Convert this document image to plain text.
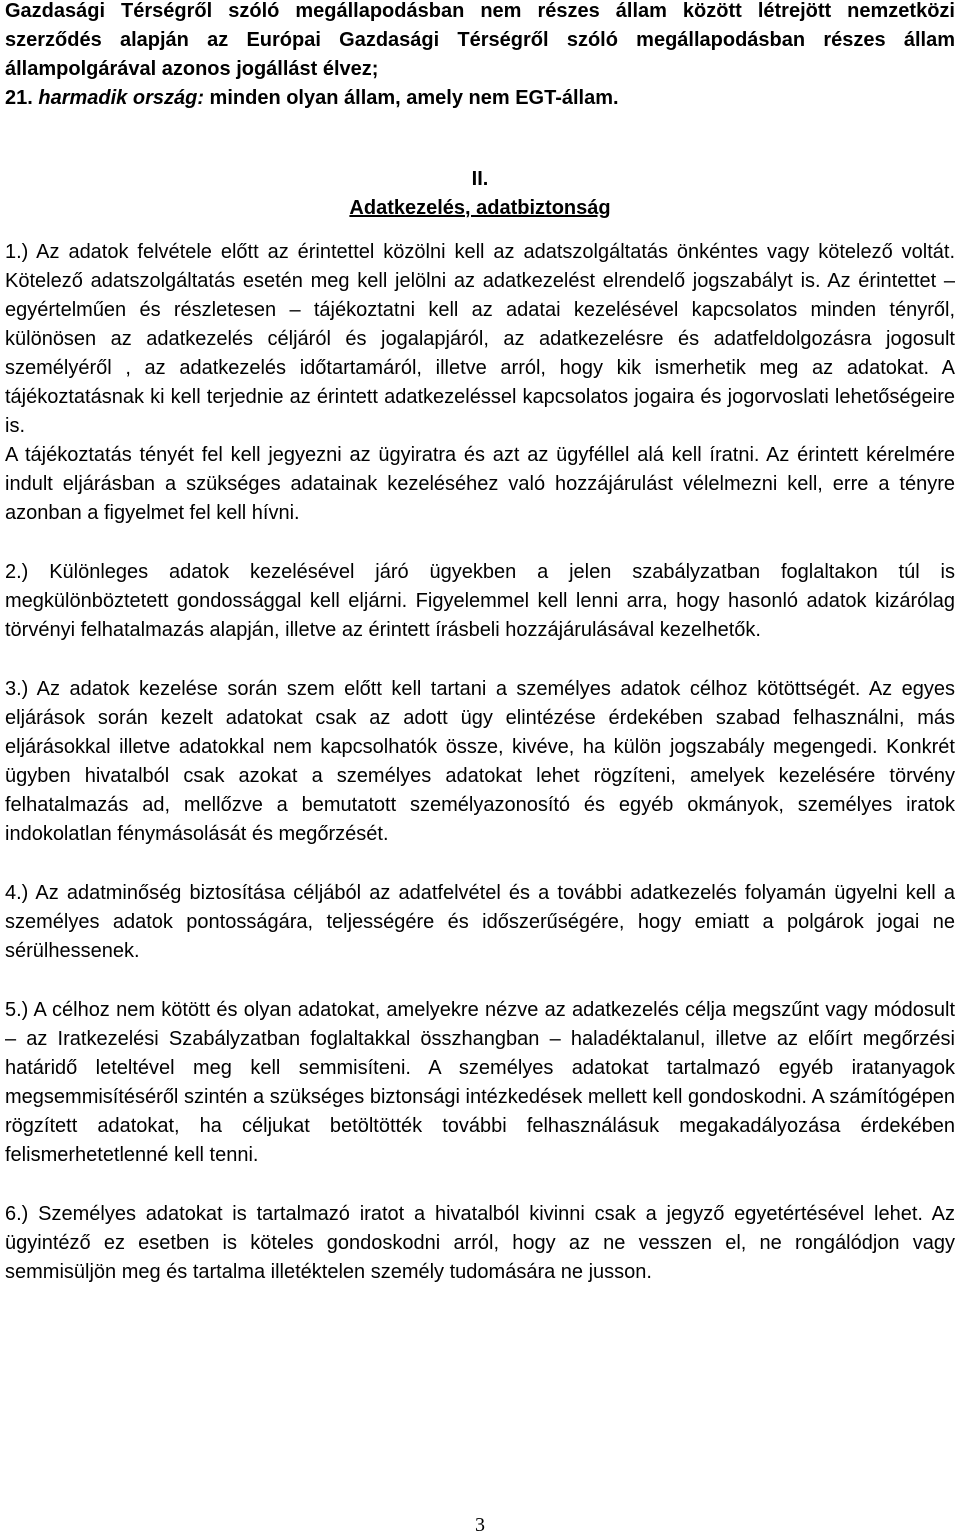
Gazdasági Térségről szóló megállapodásban nem részes állam között létrejött nemzetközi szerződés alapján az Európai Gazdasági Térségről szóló megállapodásban részes állam állampolgárával azonos jogállást élvez;
21. harmadik ország: minden olyan állam, amely nem EGT-állam.

II.

Adatkezelés, adatbiztonság

1.) Az adatok felvétele előtt az érintettel közölni kell az adatszolgáltatás önkéntes vagy kötelező voltát. Kötelező adatszolgáltatás esetén meg kell jelölni az adatkezelést elrendelő jogszabályt is. Az érintettet – egyértelműen és részletesen – tájékoztatni kell az adatai kezelésével kapcsolatos minden tényről, különösen az adatkezelés céljáról és jogalapjáról, az adatkezelésre és adatfeldolgozásra jogosult személyéről , az adatkezelés időtartamáról, illetve arról, hogy kik ismerhetik meg az adatokat. A tájékoztatásnak ki kell terjednie az érintett adatkezeléssel kapcsolatos jogaira és jogorvoslati lehetőségeire is.

A tájékoztatás tényét fel kell jegyezni az ügyiratra és azt az ügyféllel alá kell íratni. Az érintett kérelmére indult eljárásban a szükséges adatainak kezeléséhez való hozzájárulást vélelmezni kell, erre a tényre azonban a figyelmet fel kell hívni.

2.) Különleges adatok kezelésével járó ügyekben a jelen szabályzatban foglaltakon túl is megkülönböztetett gondossággal kell eljárni. Figyelemmel kell lenni arra, hogy hasonló adatok kizárólag törvényi felhatalmazás alapján, illetve az érintett írásbeli hozzájárulásával kezelhetők.

3.) Az adatok kezelése során szem előtt kell tartani a személyes adatok célhoz kötöttségét. Az egyes eljárások során kezelt adatokat csak az adott ügy elintézése érdekében szabad felhasználni, más eljárásokkal illetve adatokkal nem kapcsolhatók össze, kivéve, ha külön jogszabály megengedi. Konkrét ügyben hivatalból csak azokat a személyes adatokat lehet rögzíteni, amelyek kezelésére törvény felhatalmazás ad, mellőzve a bemutatott személyazonosító és egyéb okmányok, személyes iratok indokolatlan fénymásolását és megőrzését.

4.) Az adatminőség biztosítása céljából az adatfelvétel és a további adatkezelés folyamán ügyelni kell a személyes adatok pontosságára, teljességére és időszerűségére, hogy emiatt a polgárok jogai ne sérülhessenek.

5.) A célhoz nem kötött és olyan adatokat, amelyekre nézve az adatkezelés célja megszűnt vagy módosult – az Iratkezelési Szabályzatban foglaltakkal összhangban – haladéktalanul, illetve az előírt megőrzési határidő leteltével meg kell semmisíteni. A személyes adatokat tartalmazó egyéb iratanyagok megsemmisítéséről szintén a szükséges biztonsági intézkedések mellett kell gondoskodni. A számítógépen rögzített adatokat, ha céljukat betöltötték további felhasználásuk megakadályozása érdekében felismerhetetlenné kell tenni.

6.) Személyes adatokat is tartalmazó iratot a hivatalból kivinni csak a jegyző egyetértésével lehet. Az ügyintéző ez esetben is köteles gondoskodni arról, hogy az ne vesszen el, ne rongálódjon vagy semmisüljön meg és tartalma illetéktelen személy tudomására ne jusson.

3
